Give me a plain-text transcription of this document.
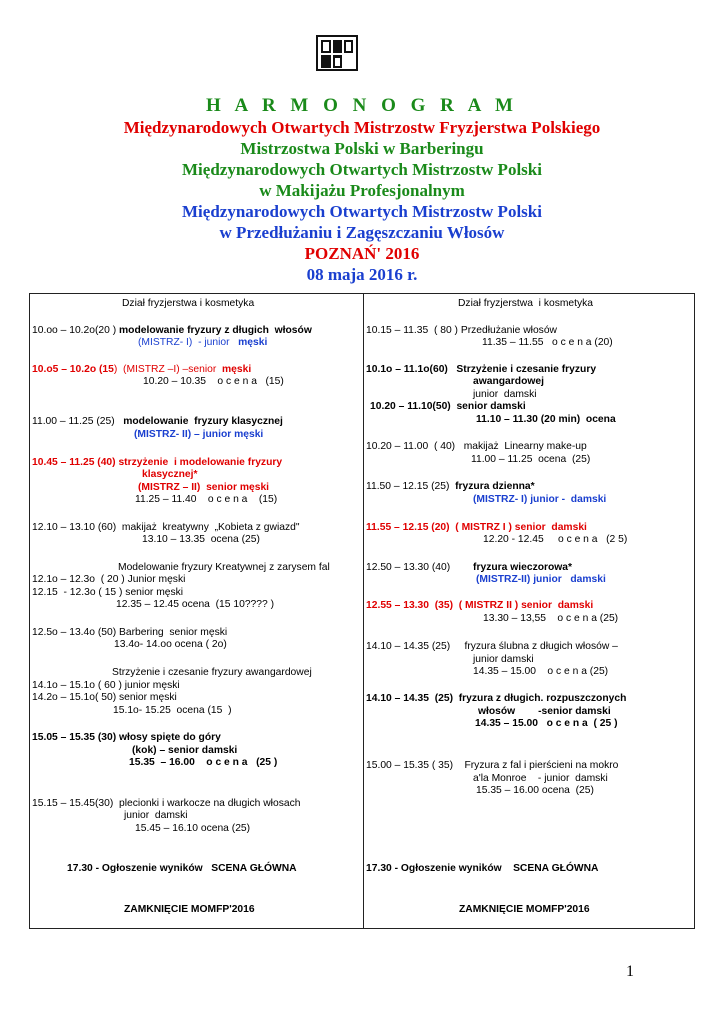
H A R M O N O G R A M
Międzynarodowych Otwartych Mistrzostw Fryzjerstwa Polskiego
Mistrzostwa Polski w Barberingu
Międzynarodowych Otwartych Mistrzostw Polski
w Makijażu Profesjonalnym
Międzynarodowych Otwartych Mistrzostw Polski
w Przedłużaniu i Zagęszczaniu Włosów
POZNAŃ' 2016
08 maja 2016 r.
Dział fryzjerstwa i kosmetyka
10.oo – 10.2o(20 ) modelowanie fryzury z długich  włosów
(MISTRZ- I)  - junior   męski
10.o5 – 10.2o (15)  (MISTRZ –I) –senior  męski
10.20 – 10.35    o c e n a   (15)
11.00 – 11.25 (25)   modelowanie  fryzury klasycznej
(MISTRZ- II) – junior męski
10.45 – 11.25 (40) strzyżenie  i modelowanie fryzury
klasycznej*
(MISTRZ – II)  senior męski
11.25 – 11.40    o c e n a    (15)
12.10 – 13.10 (60)  makijaż  kreatywny  „Kobieta z gwiazd"
13.10 – 13.35  ocena (25)
Modelowanie fryzury Kreatywnej z zarysem fal
12.1o – 12.3o  ( 20 ) Junior męski
12.15  - 12.3o ( 15 ) senior męski
12.35 – 12.45 ocena  (15 10???? )
12.5o – 13.4o (50) Barbering  senior męski
13.4o- 14.oo ocena ( 2o)
Strzyżenie i czesanie fryzury awangardowej
14.1o – 15.1o ( 60 ) junior męski
14.2o – 15.1o( 50) senior męski
15.1o- 15.25  ocena (15  )
15.05 – 15.35 (30) włosy spięte do góry
(kok) – senior damski
15.35  – 16.00    o c e n a   (25 )
15.15 – 15.45(30)  plecionki i warkocze na długich włosach
junior  damski
15.45 – 16.10 ocena (25)
17.30 - Ogłoszenie wyników   SCENA GŁÓWNA
ZAMKNIĘCIE MOMFP'2016
Dział fryzjerstwa  i kosmetyka
10.15 – 11.35  ( 80 ) Przedłużanie włosów
11.35 – 11.55   o c e n a (20)
10.1o – 11.1o(60)   Strzyżenie i czesanie fryzury
awangardowej
junior  damski
10.20 – 11.10(50)  senior damski
11.10 – 11.30 (20 min)  ocena
10.20 – 11.00  ( 40)   makijaż  Linearny make-up
11.00 – 11.25  ocena  (25)
11.50 – 12.15 (25)  fryzura dzienna*
(MISTRZ- I) junior -  damski
11.55 – 12.15 (20)  ( MISTRZ I ) senior  damski
12.20 - 12.45     o c e n a   (2 5)
12.50 – 13.30 (40)        fryzura wieczorowa*
(MISTRZ-II) junior   damski
12.55 – 13.30  (35)  ( MISTRZ II ) senior  damski
13.30 – 13,55    o c e n a (25)
14.10 – 14.35 (25)     fryzura ślubna z długich włosów –
junior damski
14.35 – 15.00    o c e n a (25)
14.10 – 14.35  (25)  fryzura z długich. rozpuszczonych
włosów        -senior damski
14.35 – 15.00   o c e n a  ( 25 )
15.00 – 15.35 ( 35)    Fryzura z fal i pierścieni na mokro
a'la Monroe    - junior  damski
15.35 – 16.00 ocena  (25)
17.30 - Ogłoszenie wyników    SCENA GŁÓWNA
ZAMKNIĘCIE MOMFP'2016
1
